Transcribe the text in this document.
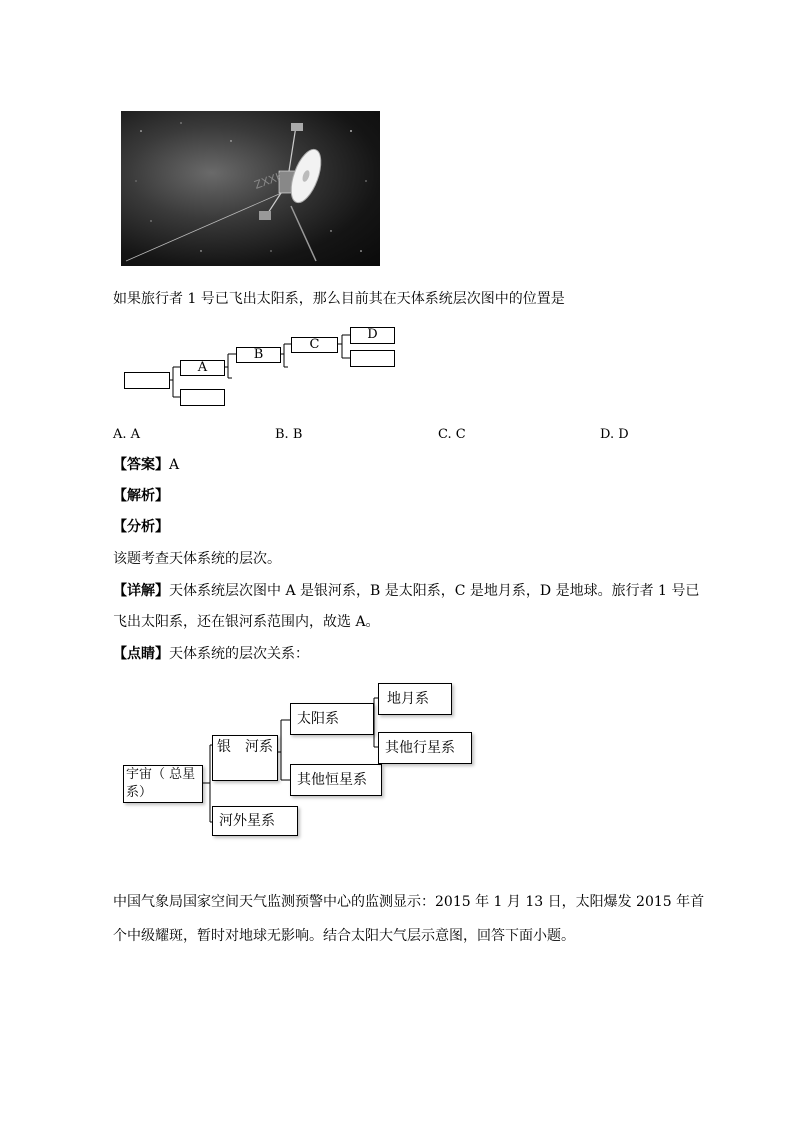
ZXXK
如果旅行者 1 号已飞出太阳系，那么目前其在天体系统层次图中的位置是
A
B
C
D
A. A	B. B	C. C	D. D
【答案】A
【解析】
【分析】
该题考查天体系统的层次。
【详解】天体系统层次图中 A 是银河系，B 是太阳系，C 是地月系，D 是地球。旅行者 1 号已
飞出太阳系，还在银河系范围内，故选 A。
【点睛】天体系统的层次关系：
宇宙（ 总星系）
银　河系
河外星系
太阳系
其他恒星系
地月系
其他行星系
中国气象局国家空间天气监测预警中心的监测显示：2015 年 1 月 13 日，太阳爆发 2015 年首
个中级耀斑，暂时对地球无影响。结合太阳大气层示意图，回答下面小题。
